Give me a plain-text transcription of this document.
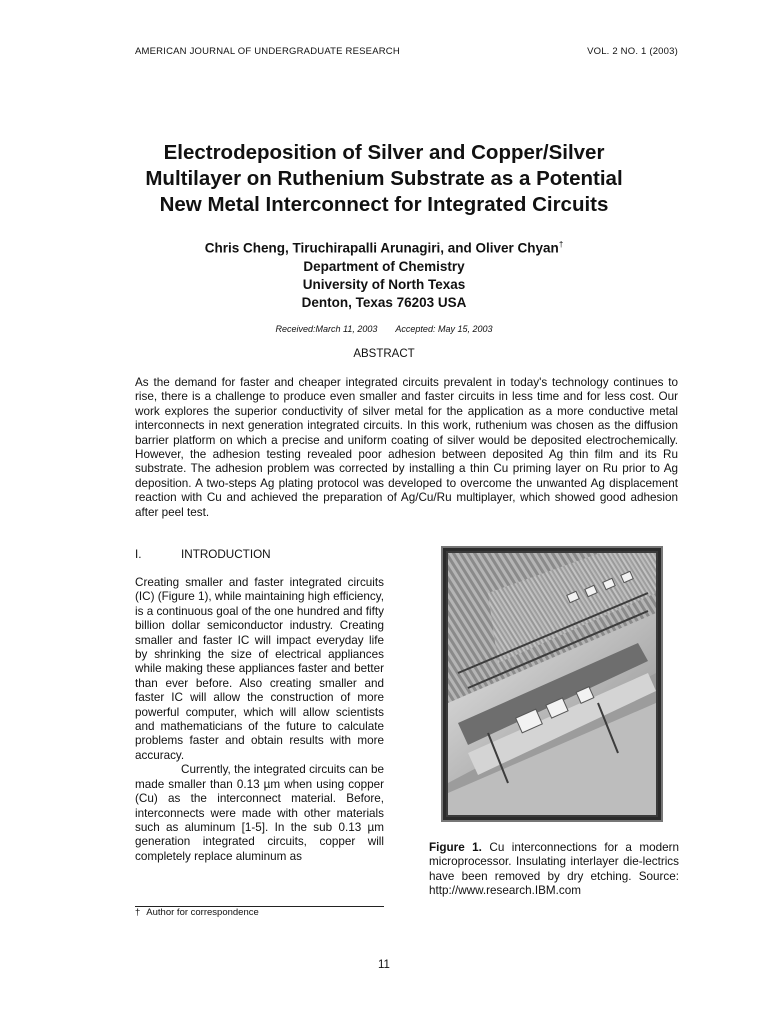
AMERICAN JOURNAL OF UNDERGRADUATE RESEARCH	VOL. 2 NO. 1 (2003)
Electrodeposition of Silver and Copper/Silver
Multilayer on Ruthenium Substrate as a Potential
New Metal Interconnect for Integrated Circuits
Chris Cheng, Tiruchirapalli Arunagiri, and Oliver Chyan†
Department of Chemistry
University of North Texas
Denton, Texas 76203 USA
Received:March 11, 2003 Accepted: May 15, 2003
ABSTRACT
As the demand for faster and cheaper integrated circuits prevalent in today's technology continues to rise, there is a challenge to produce even smaller and faster circuits in less time and for less cost. Our work explores the superior conductivity of silver metal for the application as a more conductive metal interconnects in next generation integrated circuits. In this work, ruthenium was chosen as the diffusion barrier platform on which a precise and uniform coating of silver would be deposited electrochemically. However, the adhesion testing revealed poor adhesion between deposited Ag thin film and its Ru substrate. The adhesion problem was corrected by installing a thin Cu priming layer on Ru prior to Ag deposition. A two-steps Ag plating protocol was developed to overcome the unwanted Ag displacement reaction with Cu and achieved the preparation of Ag/Cu/Ru multiplayer, which showed good adhesion after peel test.
I.	INTRODUCTION

Creating smaller and faster integrated circuits (IC) (Figure 1), while maintaining high efficiency, is a continuous goal of the one hundred and fifty billion dollar semiconductor industry. Creating smaller and faster IC will impact everyday life by shrinking the size of electrical appliances while making these appliances faster and better than ever before. Also creating smaller and faster IC will allow the construction of more powerful computer, which will allow scientists and mathematicians of the future to calculate problems faster and obtain results with more accuracy.

Currently, the integrated circuits can be made smaller than 0.13 µm when using copper (Cu) as the interconnect material. Before, interconnects were made with other materials such as aluminum [1-5]. In the sub 0.13 µm generation integrated circuits, copper will completely replace aluminum as

† Author for correspondence
Figure 1. Cu interconnections for a modern microprocessor. Insulating interlayer die-lectrics have been removed by dry etching. Source: http://www.research.IBM.com
11
